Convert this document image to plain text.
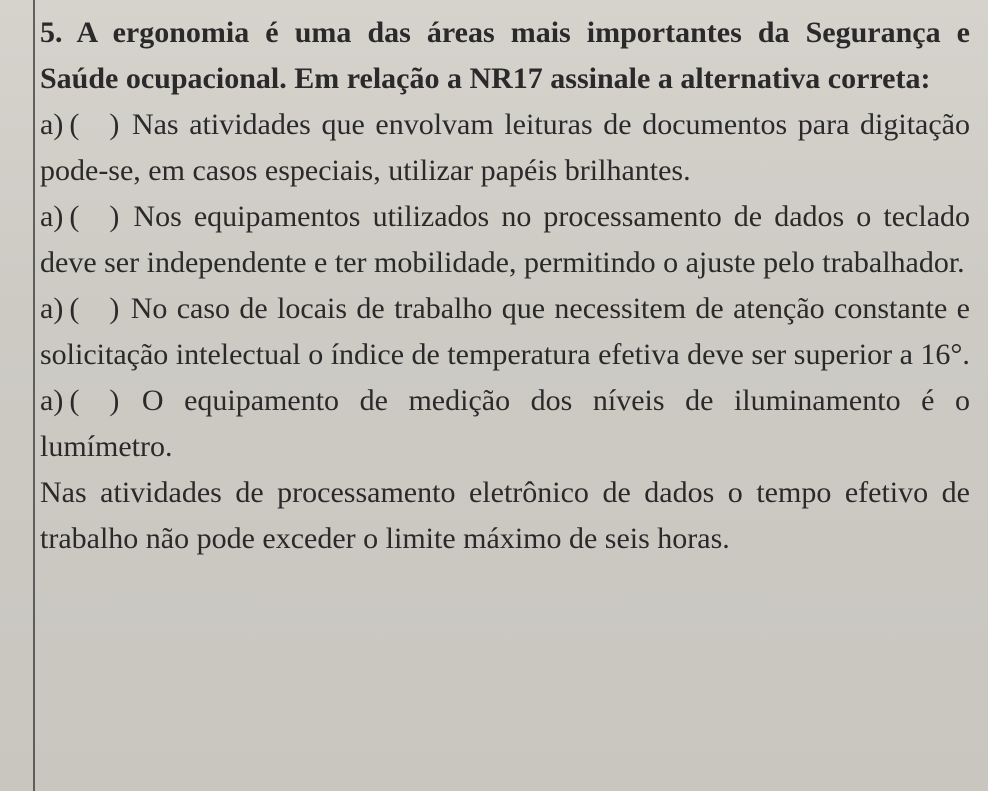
5. A ergonomia é uma das áreas mais importantes da Segurança e Saúde ocupacional. Em relação a NR17 assinale a alternativa correta:

a) ( ) Nas atividades que envolvam leituras de documentos para digitação pode-se, em casos especiais, utilizar papéis brilhantes.

a) ( ) Nos equipamentos utilizados no processamento de dados o teclado deve ser independente e ter mobilidade, permitindo o ajuste pelo trabalhador.

a) ( ) No caso de locais de trabalho que necessitem de atenção constante e solicitação intelectual o índice de temperatura efetiva deve ser superior a 16°.

a) ( ) O equipamento de medição dos níveis de iluminamento é o lumímetro.

Nas atividades de processamento eletrônico de dados o tempo efetivo de trabalho não pode exceder o limite máximo de seis horas.
